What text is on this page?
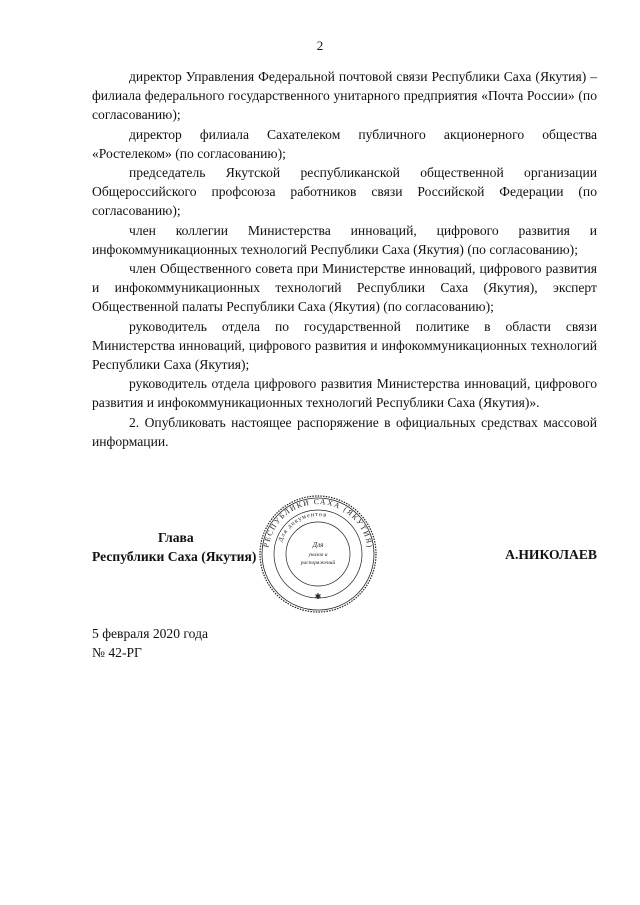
2

директор Управления Федеральной почтовой связи Республики Саха (Якутия) – филиала федерального государственного унитарного предприятия «Почта России» (по согласованию);

директор филиала Сахателеком публичного акционерного общества «Ростелеком» (по согласованию);

председатель Якутской республиканской общественной организации Общероссийского профсоюза работников связи Российской Федерации (по согласованию);

член коллегии Министерства инноваций, цифрового развития и инфокоммуникационных технологий Республики Саха (Якутия) (по согласованию);

член Общественного совета при Министерстве инноваций, цифрового развития и инфокоммуникационных технологий Республики Саха (Якутия), эксперт Общественной палаты Республики Саха (Якутия) (по согласованию);

руководитель отдела по государственной политике в области связи Министерства инноваций, цифрового развития и инфокоммуникационных технологий Республики Саха (Якутия);

руководитель отдела цифрового развития Министерства инноваций, цифрового развития и инфокоммуникационных технологий Республики Саха (Якутия)».

2. Опубликовать настоящее распоряжение в официальных средствах массовой информации.

Глава
Республики Саха (Якутия)
РЕСПУБЛИКИ САХА (ЯКУТИЯ)
Для документов
Для
указов и
распоряжений
✱
А.НИКОЛАЕВ
5 февраля 2020 года
№ 42-РГ
